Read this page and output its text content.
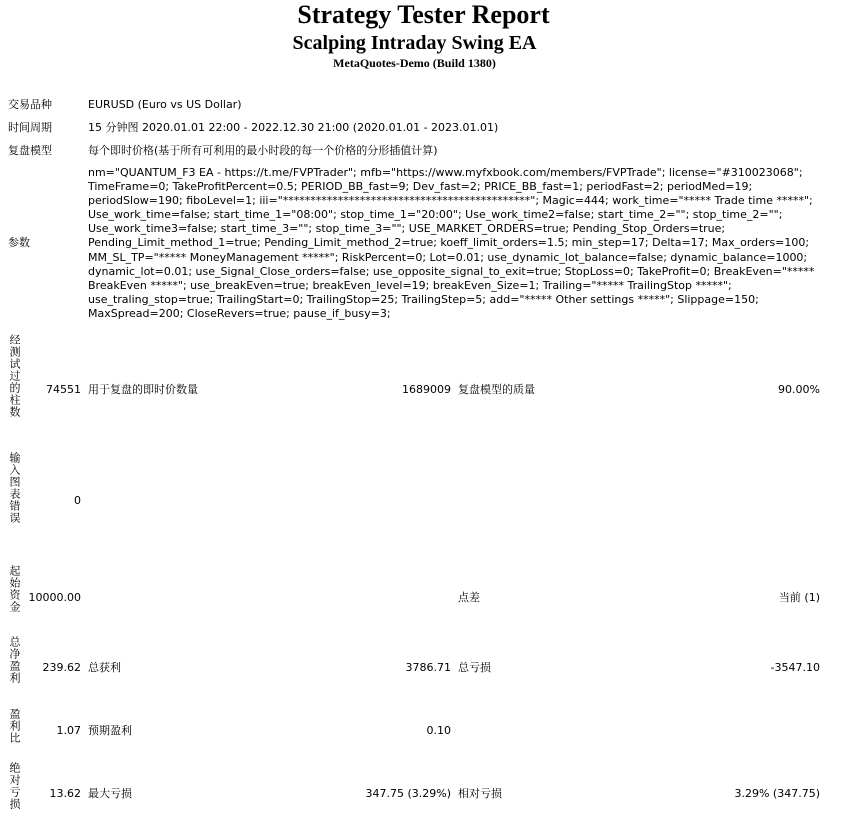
Strategy Tester Report
Scalping Intraday Swing EA
MetaQuotes-Demo (Build 1380)
交易品种	EURUSD (Euro vs US Dollar)
时间周期	15 分钟图 2020.01.01 22:00 - 2022.12.30 21:00 (2020.01.01 - 2023.01.01)
复盘模型	每个即时价格(基于所有可利用的最小时段的每一个价格的分形插值计算)
参数
nm="QUANTUM_F3 EA - https://t.me/FVPTrader"; mfb="https://www.myfxbook.com/members/FVPTrade"; license="#310023068"; TimeFrame=0; TakeProfitPercent=0.5; PERIOD_BB_fast=9; Dev_fast=2; PRICE_BB_fast=1; periodFast=2; periodMed=19; periodSlow=190; fiboLevel=1; iii="*********************************************"; Magic=444; work_time="***** Trade time *****"; Use_work_time=false; start_time_1="08:00"; stop_time_1="20:00"; Use_work_time2=false; start_time_2=""; stop_time_2=""; Use_work_time3=false; start_time_3=""; stop_time_3=""; USE_MARKET_ORDERS=true; Pending_Stop_Orders=true; Pending_Limit_method_1=true; Pending_Limit_method_2=true; koeff_limit_orders=1.5; min_step=17; Delta=17; Max_orders=100; MM_SL_TP="***** MoneyManagement *****"; RiskPercent=0; Lot=0.01; use_dynamic_lot_balance=false; dynamic_balance=1000; dynamic_lot=0.01; use_Signal_Close_orders=false; use_opposite_signal_to_exit=true; StopLoss=0; TakeProfit=0; BreakEven="***** BreakEven *****"; use_breakEven=true; breakEven_level=19; breakEven_Size=1; Trailing="***** TrailingStop *****"; use_traling_stop=true; TrailingStart=0; TrailingStop=25; TrailingStep=5; add="***** Other settings *****"; Slippage=150; MaxSpread=200; CloseRevers=true; pause_if_busy=3;
经测试过的柱数 74551 用于复盘的即时价数量	1689009 复盘模型的质量	90.00%
输入图表错误	0
起始资金 10000.00	点差	当前 (1)
总净盈利 239.62 总获利	3786.71 总亏损	-3547.10
盈利比	1.07 预期盈利	0.10
绝对亏损	13.62 最大亏损	347.75 (3.29%) 相对亏损	3.29% (347.75)
